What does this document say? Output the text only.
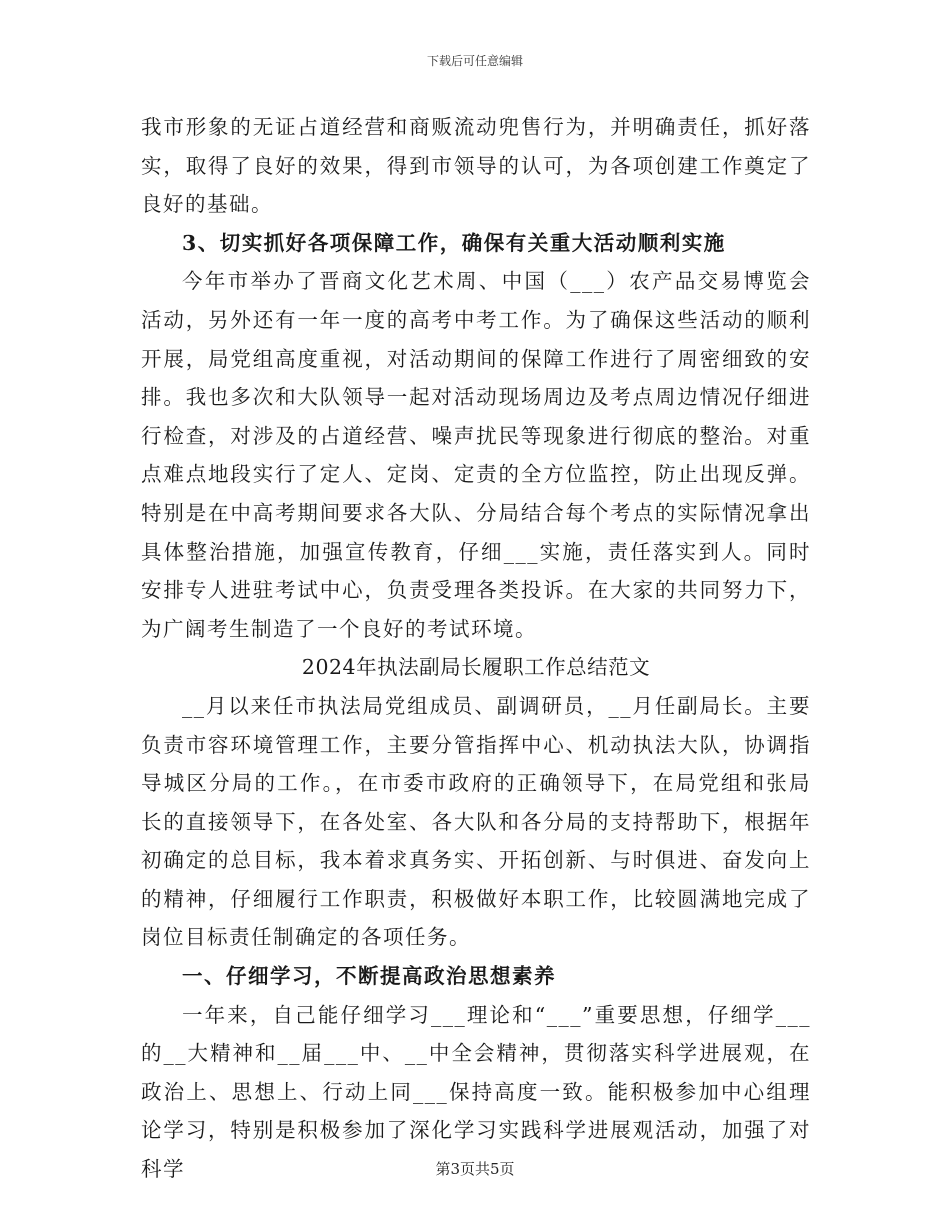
下载后可任意编辑

我市形象的无证占道经营和商贩流动兜售行为，并明确责任，抓好落实，取得了良好的效果，得到市领导的认可，为各项创建工作奠定了良好的基础。

3、切实抓好各项保障工作，确保有关重大活动顺利实施

今年市举办了晋商文化艺术周、中国（___）农产品交易博览会活动，另外还有一年一度的高考中考工作。为了确保这些活动的顺利开展，局党组高度重视，对活动期间的保障工作进行了周密细致的安排。我也多次和大队领导一起对活动现场周边及考点周边情况仔细进行检查，对涉及的占道经营、噪声扰民等现象进行彻底的整治。对重点难点地段实行了定人、定岗、定责的全方位监控，防止出现反弹。特别是在中高考期间要求各大队、分局结合每个考点的实际情况拿出具体整治措施，加强宣传教育，仔细___实施，责任落实到人。同时安排专人进驻考试中心，负责受理各类投诉。在大家的共同努力下，为广阔考生制造了一个良好的考试环境。

2024年执法副局长履职工作总结范文

__月以来任市执法局党组成员、副调研员，__月任副局长。主要负责市容环境管理工作，主要分管指挥中心、机动执法大队，协调指导城区分局的工作。，在市委市政府的正确领导下，在局党组和张局长的直接领导下，在各处室、各大队和各分局的支持帮助下，根据年初确定的总目标，我本着求真务实、开拓创新、与时俱进、奋发向上的精神，仔细履行工作职责，积极做好本职工作，比较圆满地完成了岗位目标责任制确定的各项任务。

一、仔细学习，不断提高政治思想素养

一年来，自己能仔细学习___理论和“___”重要思想，仔细学___的__大精神和__届___中、__中全会精神，贯彻落实科学进展观，在政治上、思想上、行动上同___保持高度一致。能积极参加中心组理论学习，特别是积极参加了深化学习实践科学进展观活动，加强了对科学	第3页共5页
